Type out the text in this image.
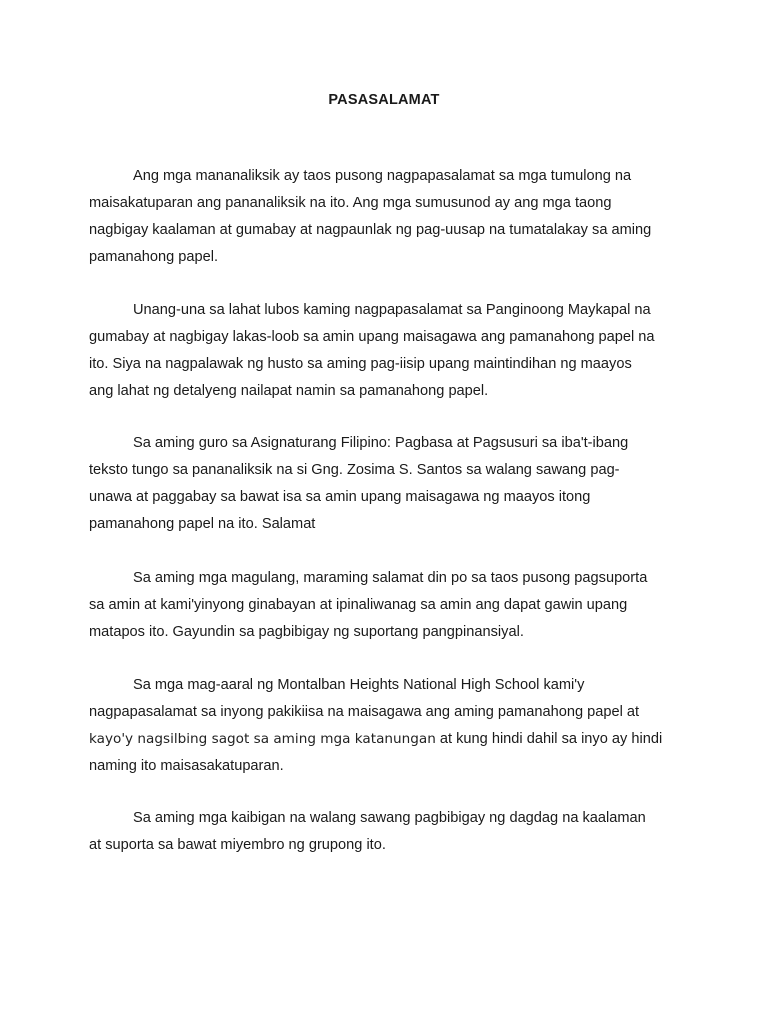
PASASALAMAT

Ang mga mananaliksik ay taos pusong nagpapasalamat sa mga tumulong na
maisakatuparan ang pananaliksik na ito. Ang mga sumusunod ay ang mga taong
nagbigay kaalaman at gumabay at nagpaunlak ng pag-uusap na tumatalakay sa aming
pamanahong papel.

Unang-una sa lahat lubos kaming nagpapasalamat sa Panginoong Maykapal na
gumabay at nagbigay lakas-loob sa amin upang maisagawa ang pamanahong papel na
ito. Siya na nagpalawak ng husto sa aming pag-iisip upang maintindihan ng maayos
ang lahat ng detalyeng nailapat namin sa pamanahong papel.

Sa aming guro sa Asignaturang Filipino: Pagbasa at Pagsusuri sa iba't-ibang
teksto tungo sa pananaliksik na si Gng. Zosima S. Santos sa walang sawang pag-
unawa at paggabay sa bawat isa sa amin upang maisagawa ng maayos itong
pamanahong papel na ito. Salamat

Sa aming mga magulang, maraming salamat din po sa taos pusong pagsuporta
sa amin at kami'yinyong ginabayan at ipinaliwanag sa amin ang dapat gawin upang
matapos ito. Gayundin sa pagbibigay ng suportang pangpinansiyal.

Sa mga mag-aaral ng Montalban Heights National High School kami'y
nagpapasalamat sa inyong pakikiisa na maisagawa ang aming pamanahong papel at
kayo'y nagsilbing sagot sa aming mga katanungan at kung hindi dahil sa inyo ay hindi
naming ito maisasakatuparan.

Sa aming mga kaibigan na walang sawang pagbibigay ng dagdag na kaalaman
at suporta sa bawat miyembro ng grupong ito.
